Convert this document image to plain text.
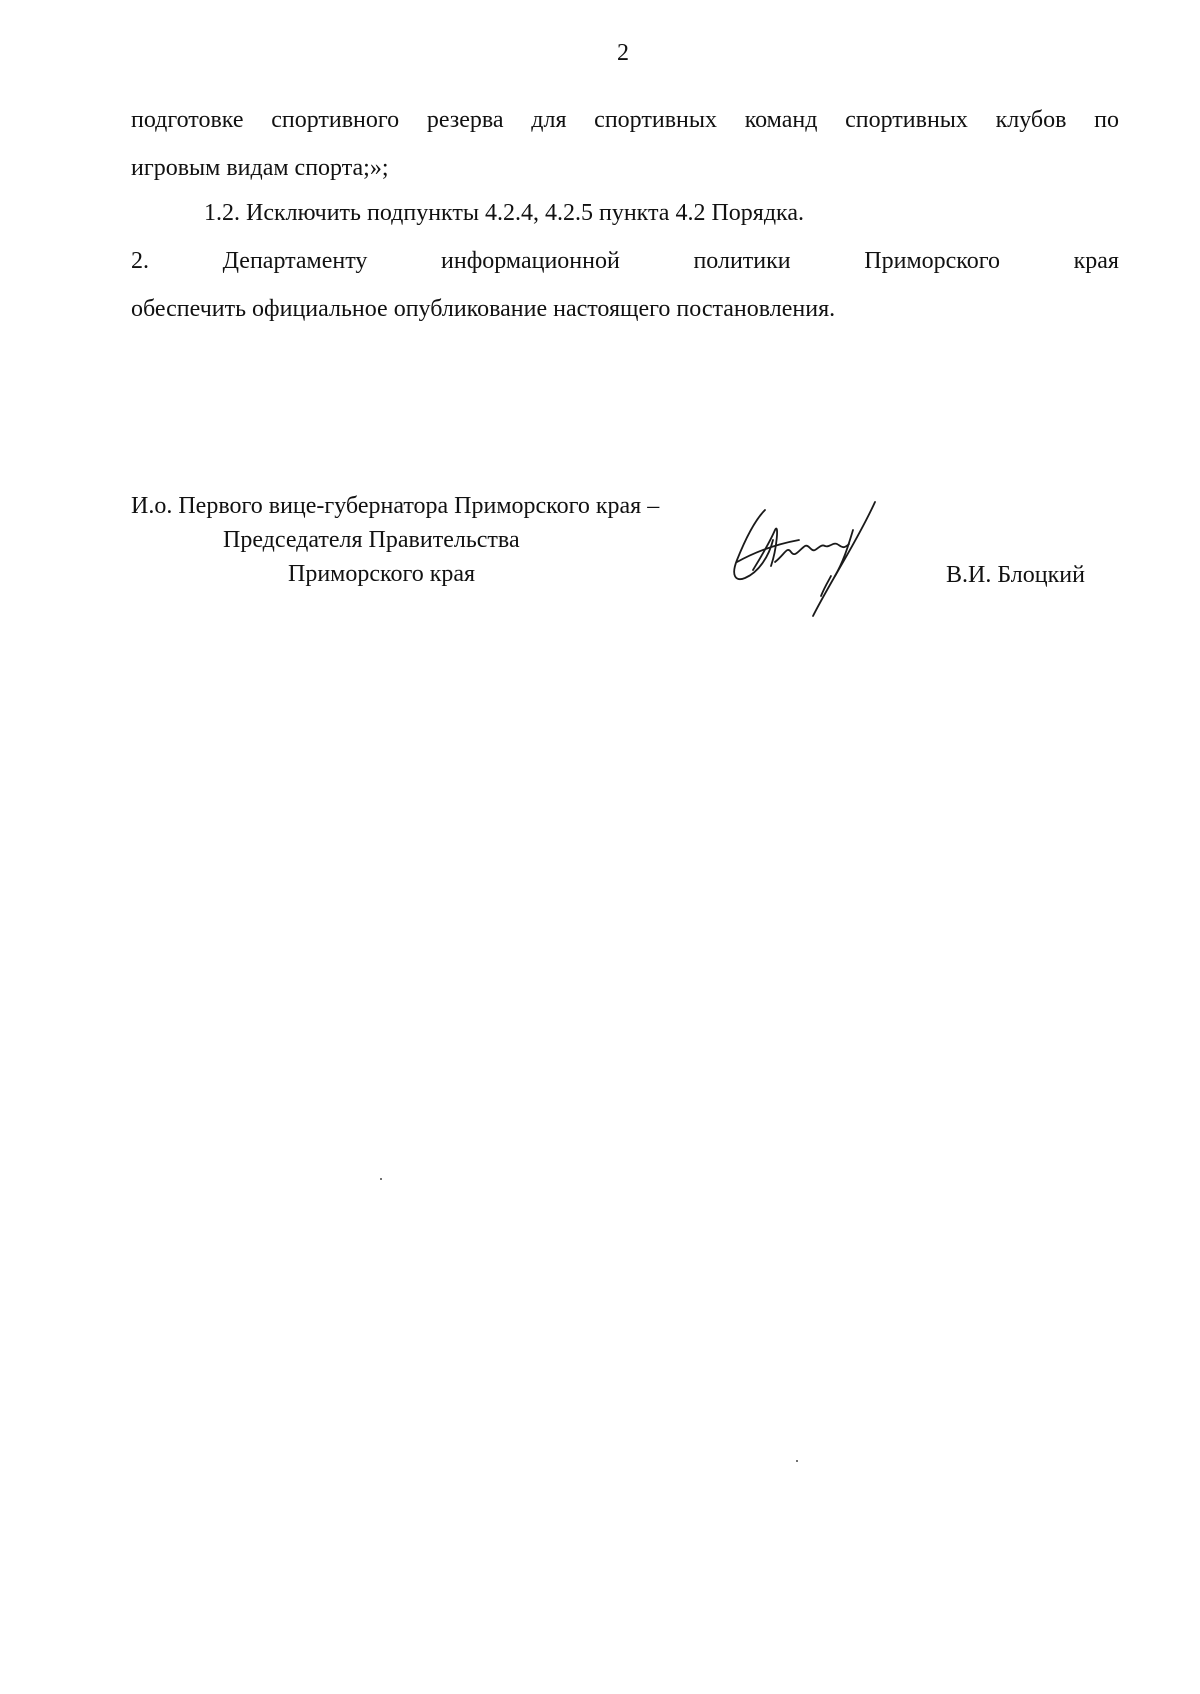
2
подготовке спортивного резерва для спортивных команд спортивных клубов по
игровым видам спорта;»;
1.2. Исключить подпункты 4.2.4, 4.2.5 пункта 4.2 Порядка.
2.	Департаменту	информационной	политики	Приморского	края
обеспечить официальное опубликование настоящего постановления.
И.о. Первого вице-губернатора Приморского края –
Председателя Правительства
Приморского края	В.И. Блоцкий
